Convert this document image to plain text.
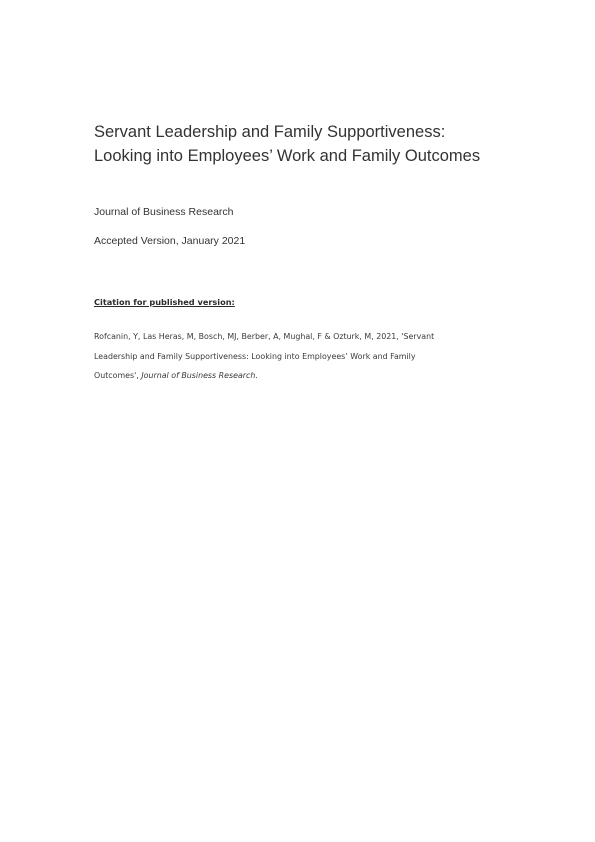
Servant Leadership and Family Supportiveness:
Looking into Employees’ Work and Family Outcomes
Journal of Business Research
Accepted Version, January 2021
Citation for published version:
Rofcanin, Y, Las Heras, M, Bosch, MJ, Berber, A, Mughal, F & Ozturk, M, 2021, 'Servant
Leadership and Family Supportiveness: Looking into Employees’ Work and Family
Outcomes', Journal of Business Research.
